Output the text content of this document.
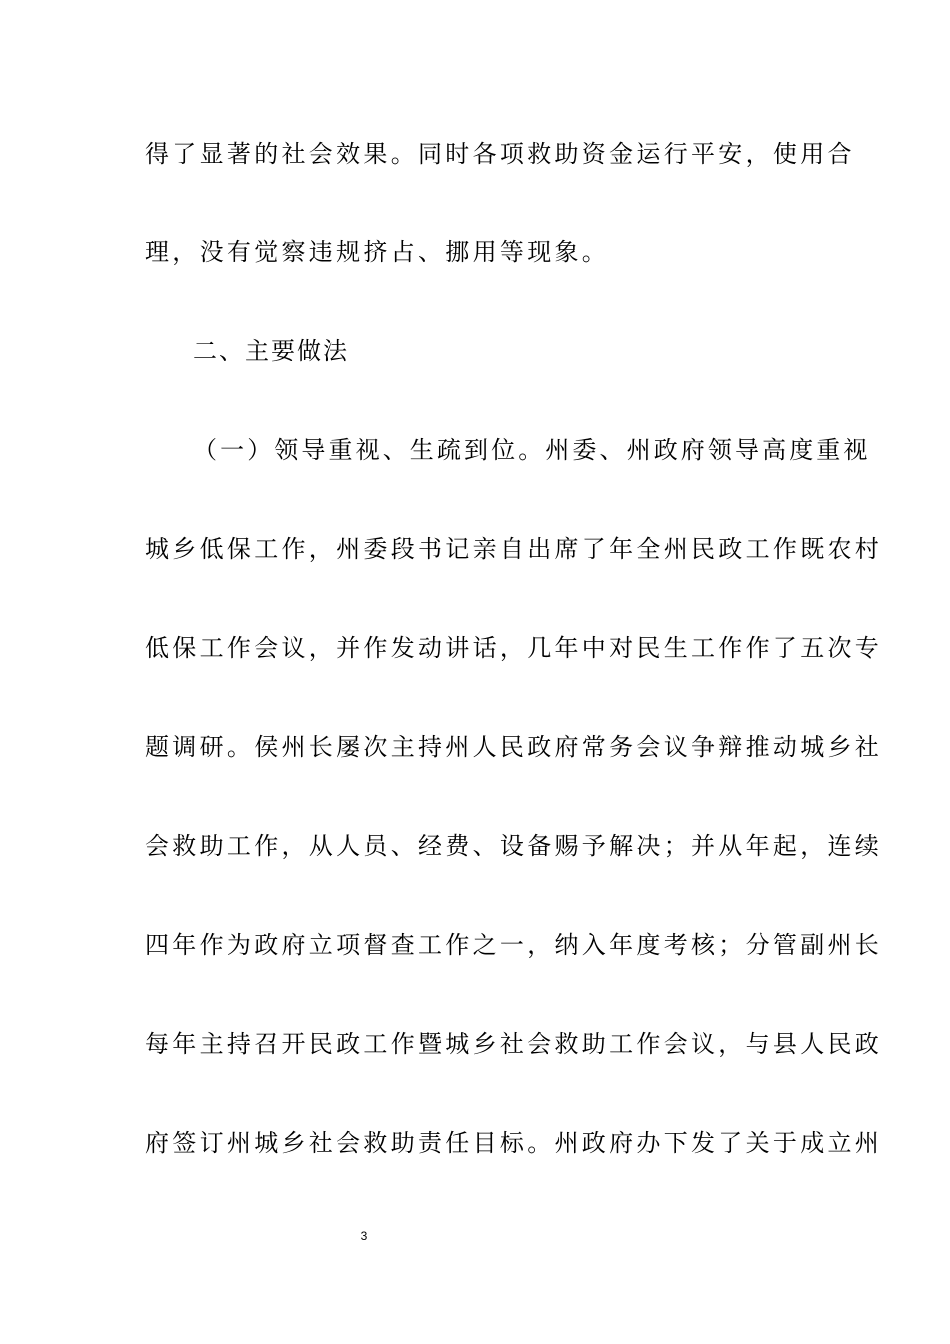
得了显著的社会效果。同时各项救助资金运行平安，使用合
理，没有觉察违规挤占、挪用等现象。
二、主要做法
（一）领导重视、生疏到位。州委、州政府领导高度重视
城乡低保工作，州委段书记亲自出席了年全州民政工作既农村
低保工作会议，并作发动讲话，几年中对民生工作作了五次专
题调研。侯州长屡次主持州人民政府常务会议争辩推动城乡社
会救助工作，从人员、经费、设备赐予解决；并从年起，连续
四年作为政府立项督查工作之一，纳入年度考核；分管副州长
每年主持召开民政工作暨城乡社会救助工作会议，与县人民政
府签订州城乡社会救助责任目标。州政府办下发了关于成立州
3
